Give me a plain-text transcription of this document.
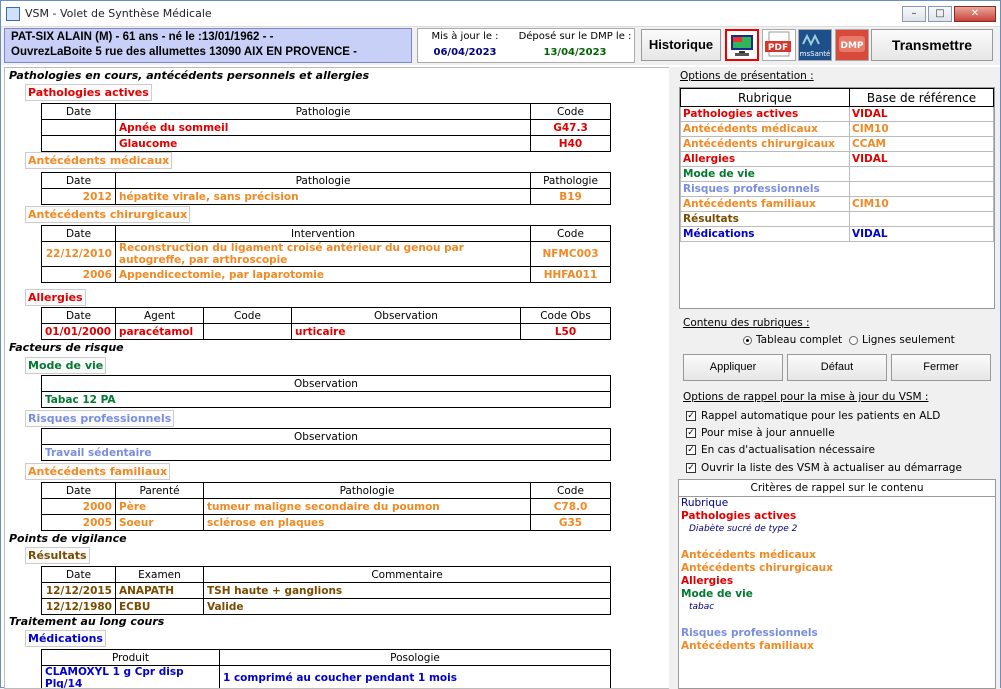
VSM - Volet de Synthèse Médicale	–	□	✕
PAT-SIX ALAIN (M) - 61 ans - né le :13/01/1962 - -
OuvrezLaBoite 5 rue des allumettes 13090 AIX EN PROVENCE -

Mis à jour le :
06/04/2023
Déposé sur le DMP le :
13/04/2023
Historique	PDF
msSanté
DMP	Transmettre
Pathologies en cours, antécédents personnels et allergies
Pathologies actives
Date	Pathologie	Code
	Apnée du sommeil	G47.3
	Glaucome	H40
Antécédents médicaux
Date	Pathologie	Pathologie
2012	hépatite virale, sans précision	B19
Antécédents chirurgicaux
Date	Intervention	Code
22/12/2010	Reconstruction du ligament croisé antérieur du genou par autogreffe, par arthroscopie	NFMC003
2006	Appendicectomie, par laparotomie	HHFA011
Allergies
Date	Agent	Code	Observation	Code Obs
01/01/2000	paracétamol		urticaire	L50
Facteurs de risque
Mode de vie
Observation
Tabac 12 PA
Risques professionnels
Observation
Travail sédentaire
Antécédents familiaux
Date	Parenté	Pathologie	Code
2000	Père	tumeur maligne secondaire du poumon	C78.0
2005	Soeur	sclérose en plaques	G35
Points de vigilance
Résultats
Date	Examen	Commentaire
12/12/2015	ANAPATH	TSH haute + ganglions
12/12/1980	ECBU	Valide
Traitement au long cours
Médications
Produit	Posologie
CLAMOXYL 1 g Cpr disp Plq/14	1 comprimé au coucher pendant 1 mois
Options de présentation :
Rubrique	Base de référence
Pathologies actives	VIDAL
Antécédents médicaux	CIM10
Antécédents chirurgicaux	CCAM
Allergies	VIDAL
Mode de vie	
Risques professionnels	
Antécédents familiaux	CIM10
Résultats	
Médications	VIDAL
Contenu des rubriques :
Tableau complet Lignes seulement
Appliquer	Défaut	Fermer
Options de rappel pour la mise à jour du VSM :
✓ Rappel automatique pour les patients en ALD
✓ Pour mise à jour annuelle
✓ En cas d'actualisation nécessaire
✓ Ouvrir la liste des VSM à actualiser au démarrage
Critères de rappel sur le contenu
Rubrique
Pathologies actives
Diabète sucré de type 2
Antécédents médicaux
Antécédents chirurgicaux
Allergies
Mode de vie
tabac
Risques professionnels
Antécédents familiaux
